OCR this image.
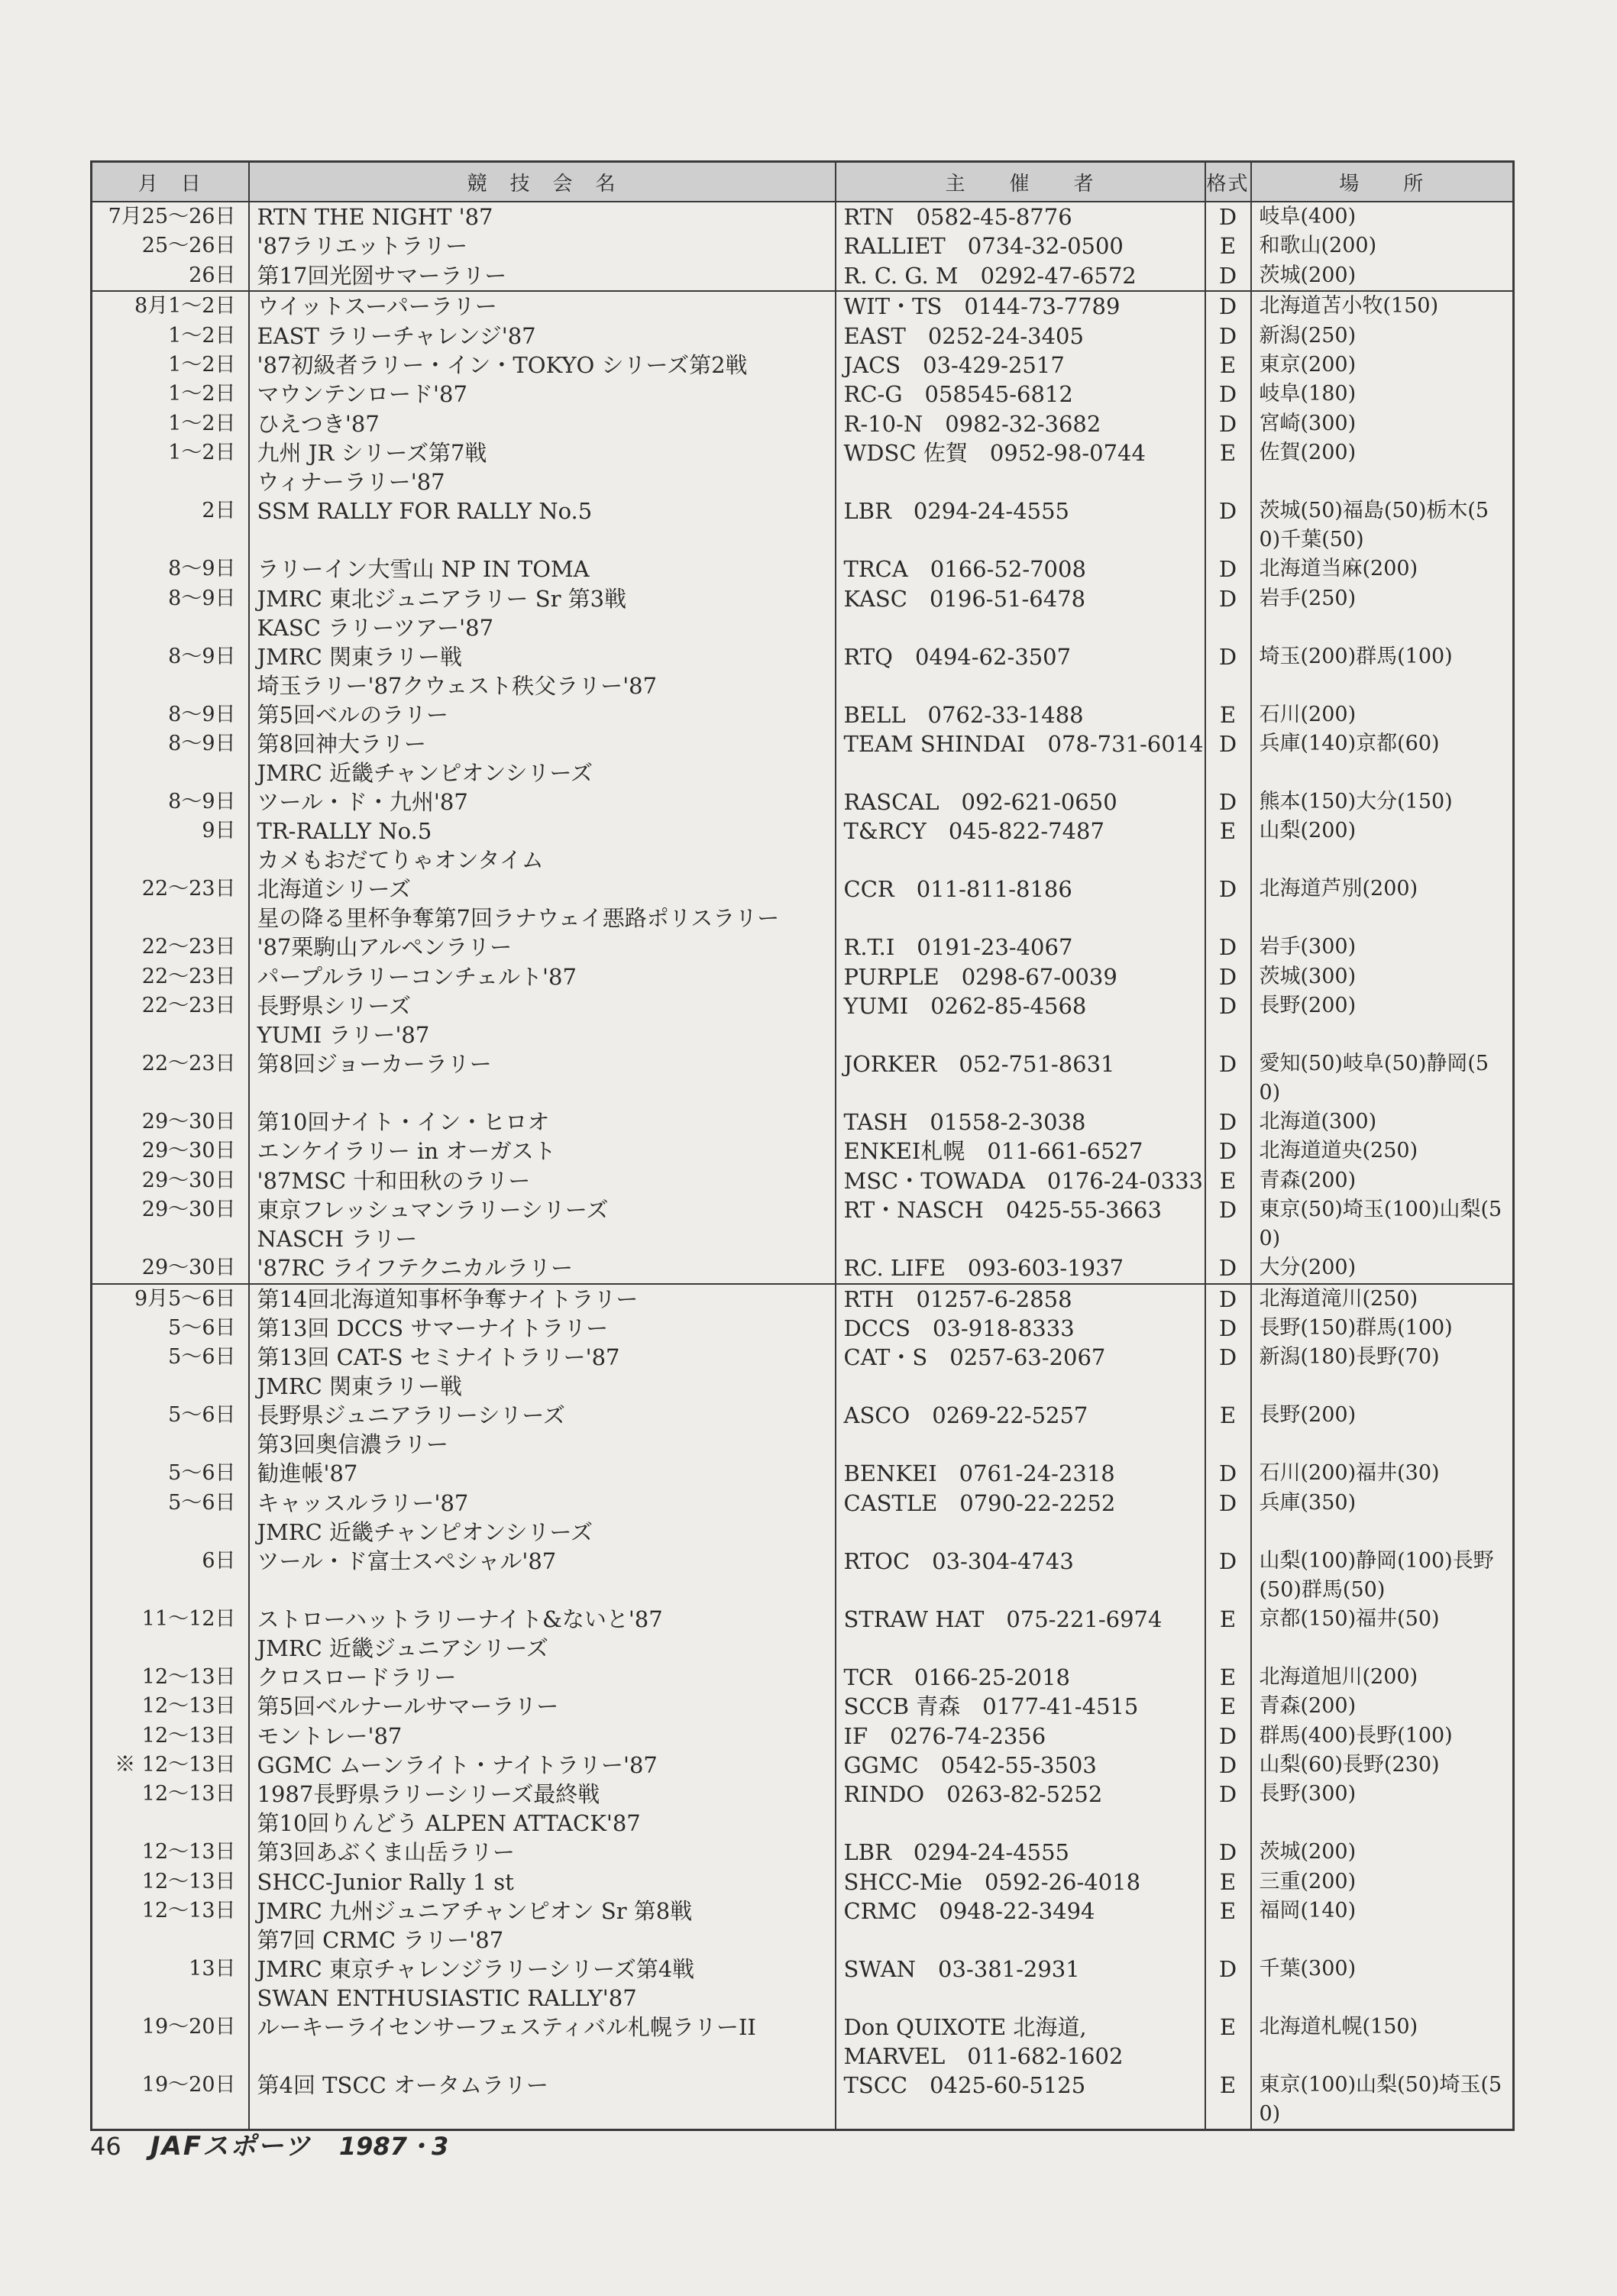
月　日	競　技　会　名	主　　催　　者	格式	場　　所
7月25〜26日	RTN THE NIGHT '87	RTN　0582-45-8776	D	岐阜(400)

25〜26日	'87ラリエットラリー	RALLIET　0734-32-0500	E	和歌山(200)

26日	第17回光圀サマーラリー	R. C. G. M　0292-47-6572	D	茨城(200)

8月1〜2日	ウイットスーパーラリー	WIT・TS　0144-73-7789	D	北海道苫小牧(150)

1〜2日	EAST ラリーチャレンジ'87	EAST　0252-24-3405	D	新潟(250)

1〜2日	'87初級者ラリー・イン・TOKYO シリーズ第2戦	JACS　03-429-2517	E	東京(200)

1〜2日	マウンテンロード'87	RC-G　058545-6812	D	岐阜(180)

1〜2日	ひえつき'87	R-10-N　0982-32-3682	D	宮崎(300)

1〜2日	九州 JR シリーズ第7戦
ウィナーラリー'87	WDSC 佐賀　0952-98-0744	E	佐賀(200)

2日	SSM RALLY FOR RALLY No.5	LBR　0294-24-4555	D	茨城(50)福島(50)栃木(50)千葉(50)

8〜9日	ラリーイン大雪山 NP IN TOMA	TRCA　0166-52-7008	D	北海道当麻(200)

8〜9日	JMRC 東北ジュニアラリー Sr 第3戦
KASC ラリーツアー'87	KASC　0196-51-6478	D	岩手(250)

8〜9日	JMRC 関東ラリー戦
埼玉ラリー'87クウェスト秩父ラリー'87	RTQ　0494-62-3507	D	埼玉(200)群馬(100)

8〜9日	第5回ベルのラリー	BELL　0762-33-1488	E	石川(200)

8〜9日	第8回神大ラリー
JMRC 近畿チャンピオンシリーズ	TEAM SHINDAI　078-731-6014	D	兵庫(140)京都(60)

8〜9日	ツール・ド・九州'87	RASCAL　092-621-0650	D	熊本(150)大分(150)

9日	TR-RALLY No.5
カメもおだてりゃオンタイム	T&RCY　045-822-7487	E	山梨(200)

22〜23日	北海道シリーズ
星の降る里杯争奪第7回ラナウェイ悪路ポリスラリー	CCR　011-811-8186	D	北海道芦別(200)

22〜23日	'87栗駒山アルペンラリー	R.T.I　0191-23-4067	D	岩手(300)

22〜23日	パープルラリーコンチェルト'87	PURPLE　0298-67-0039	D	茨城(300)

22〜23日	長野県シリーズ
YUMI ラリー'87	YUMI　0262-85-4568	D	長野(200)

22〜23日	第8回ジョーカーラリー	JORKER　052-751-8631	D	愛知(50)岐阜(50)静岡(50)

29〜30日	第10回ナイト・イン・ヒロオ	TASH　01558-2-3038	D	北海道(300)

29〜30日	エンケイラリー in オーガスト	ENKEI札幌　011-661-6527	D	北海道道央(250)

29〜30日	'87MSC 十和田秋のラリー	MSC・TOWADA　0176-24-0333	E	青森(200)

29〜30日	東京フレッシュマンラリーシリーズ
NASCH ラリー	RT・NASCH　0425-55-3663	D	東京(50)埼玉(100)山梨(50)

29〜30日	'87RC ライフテクニカルラリー	RC. LIFE　093-603-1937	D	大分(200)

9月5〜6日	第14回北海道知事杯争奪ナイトラリー	RTH　01257-6-2858	D	北海道滝川(250)

5〜6日	第13回 DCCS サマーナイトラリー	DCCS　03-918-8333	D	長野(150)群馬(100)

5〜6日	第13回 CAT-S セミナイトラリー'87
JMRC 関東ラリー戦	CAT・S　0257-63-2067	D	新潟(180)長野(70)

5〜6日	長野県ジュニアラリーシリーズ
第3回奥信濃ラリー	ASCO　0269-22-5257	E	長野(200)

5〜6日	勧進帳'87	BENKEI　0761-24-2318	D	石川(200)福井(30)

5〜6日	キャッスルラリー'87
JMRC 近畿チャンピオンシリーズ	CASTLE　0790-22-2252	D	兵庫(350)

6日	ツール・ド富士スペシャル'87	RTOC　03-304-4743	D	山梨(100)静岡(100)長野(50)群馬(50)

11〜12日	ストローハットラリーナイト&ないと'87
JMRC 近畿ジュニアシリーズ	STRAW HAT　075-221-6974	E	京都(150)福井(50)

12〜13日	クロスロードラリー	TCR　0166-25-2018	E	北海道旭川(200)

12〜13日	第5回ベルナールサマーラリー	SCCB 青森　0177-41-4515	E	青森(200)

12〜13日	モントレー'87	IF　0276-74-2356	D	群馬(400)長野(100)

※ 12〜13日	GGMC ムーンライト・ナイトラリー'87	GGMC　0542-55-3503	D	山梨(60)長野(230)

12〜13日	1987長野県ラリーシリーズ最終戦
第10回りんどう ALPEN ATTACK'87	RINDO　0263-82-5252	D	長野(300)

12〜13日	第3回あぶくま山岳ラリー	LBR　0294-24-4555	D	茨城(200)

12〜13日	SHCC-Junior Rally 1 st	SHCC-Mie　0592-26-4018	E	三重(200)

12〜13日	JMRC 九州ジュニアチャンピオン Sr 第8戦
第7回 CRMC ラリー'87	CRMC　0948-22-3494	E	福岡(140)

13日	JMRC 東京チャレンジラリーシリーズ第4戦
SWAN ENTHUSIASTIC RALLY'87	SWAN　03-381-2931	D	千葉(300)

19〜20日	ルーキーライセンサーフェスティバル札幌ラリーII	Don QUIXOTE 北海道,
MARVEL　011-682-1602	E	北海道札幌(150)

19〜20日	第4回 TSCC オータムラリー	TSCC　0425-60-5125	E	東京(100)山梨(50)埼玉(50)
46 JAFスポーツ 1987・3
